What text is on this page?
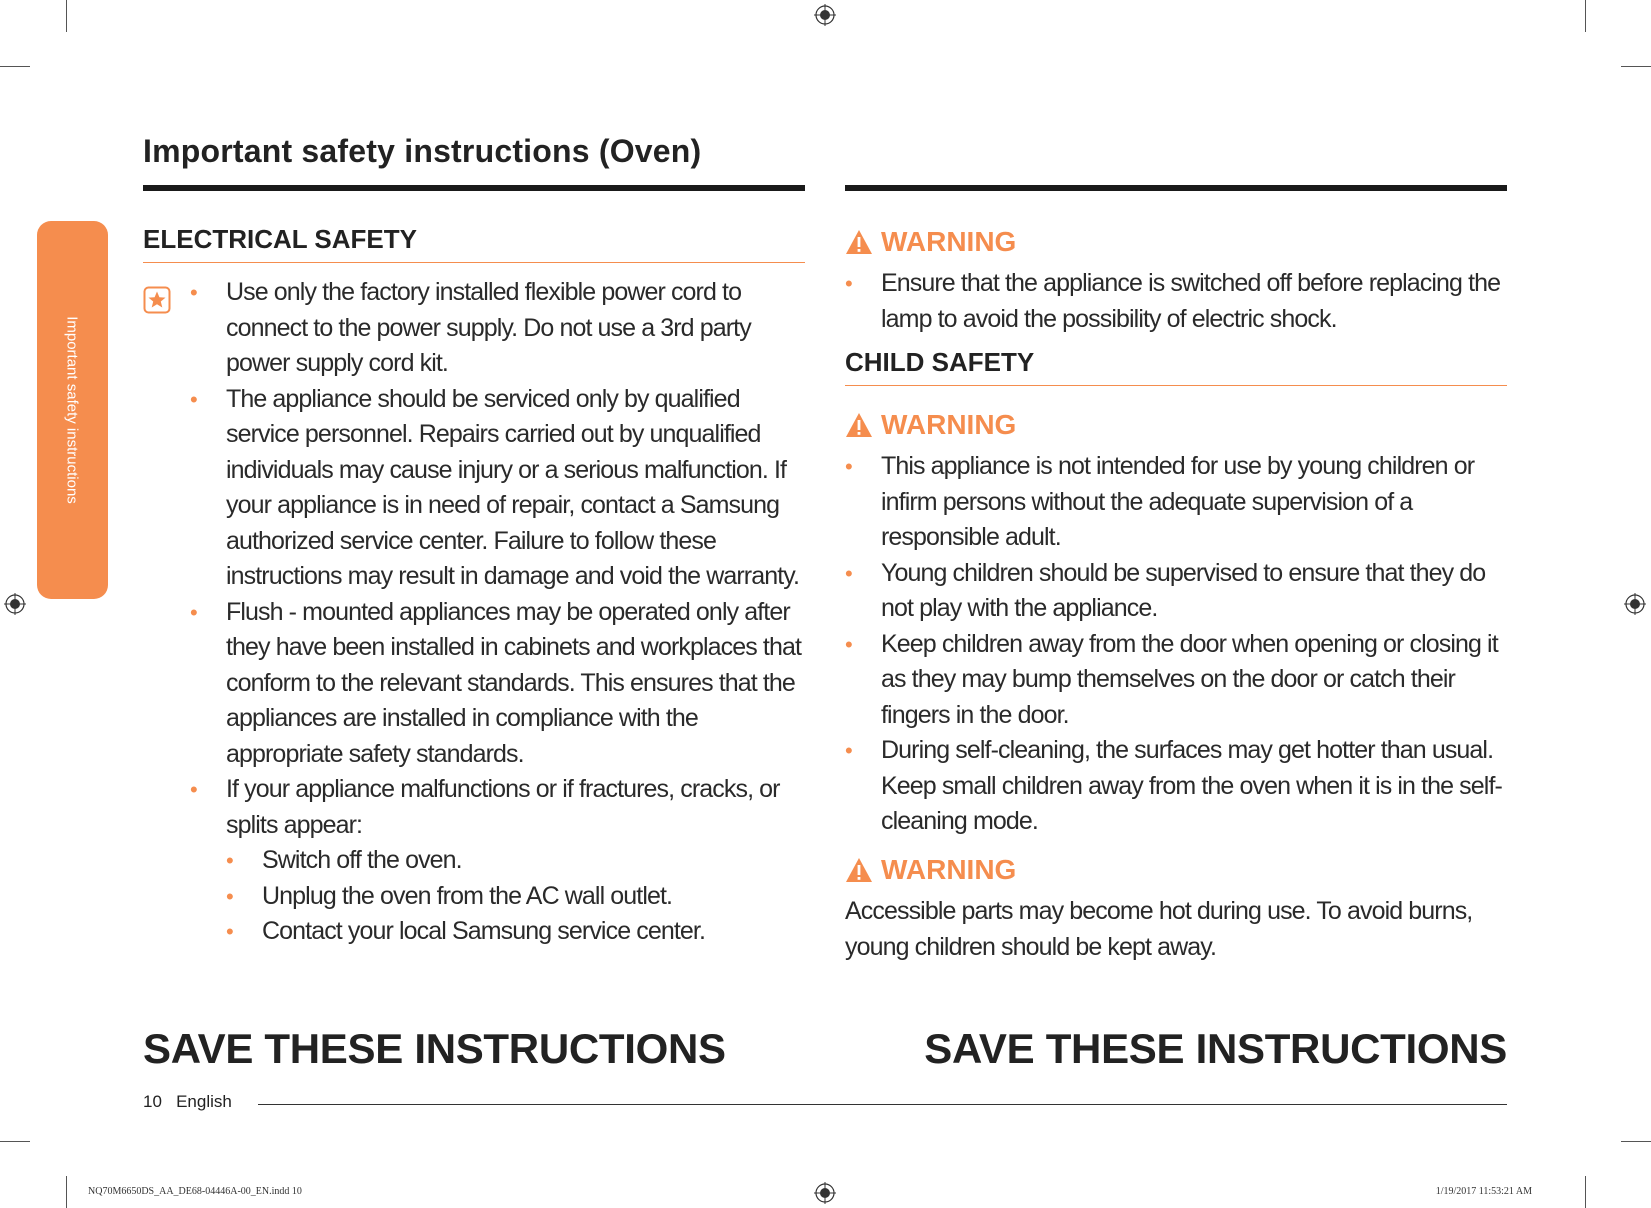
Important safety instructions (Oven)
Important safety instructions
ELECTRICAL SAFETY
• Use only the factory installed flexible power cord to connect to the power supply. Do not use a 3rd party power supply cord kit.
• The appliance should be serviced only by qualified service personnel. Repairs carried out by unqualified individuals may cause injury or a serious malfunction. If your appliance is in need of repair, contact a Samsung authorized service center. Failure to follow these instructions may result in damage and void the warranty.
• Flush - mounted appliances may be operated only after they have been installed in cabinets and workplaces that conform to the relevant standards. This ensures that the appliances are installed in compliance with the appropriate safety standards.
• If your appliance malfunctions or if fractures, cracks, or splits appear:
• Switch off the oven.
• Unplug the oven from the AC wall outlet.
• Contact your local Samsung service center.
WARNING
• Ensure that the appliance is switched off before replacing the lamp to avoid the possibility of electric shock.
CHILD SAFETY
WARNING
• This appliance is not intended for use by young children or infirm persons without the adequate supervision of a responsible adult.
• Young children should be supervised to ensure that they do not play with the appliance.
• Keep children away from the door when opening or closing it as they may bump themselves on the door or catch their fingers in the door.
• During self-cleaning, the surfaces may get hotter than usual. Keep small children away from the oven when it is in the self-cleaning mode.
WARNING
Accessible parts may become hot during use. To avoid burns, young children should be kept away.
SAVE THESE INSTRUCTIONS	SAVE THESE INSTRUCTIONS
10 English
NQ70M6650DS_AA_DE68-04446A-00_EN.indd 10	1/19/2017 11:53:21 AM
